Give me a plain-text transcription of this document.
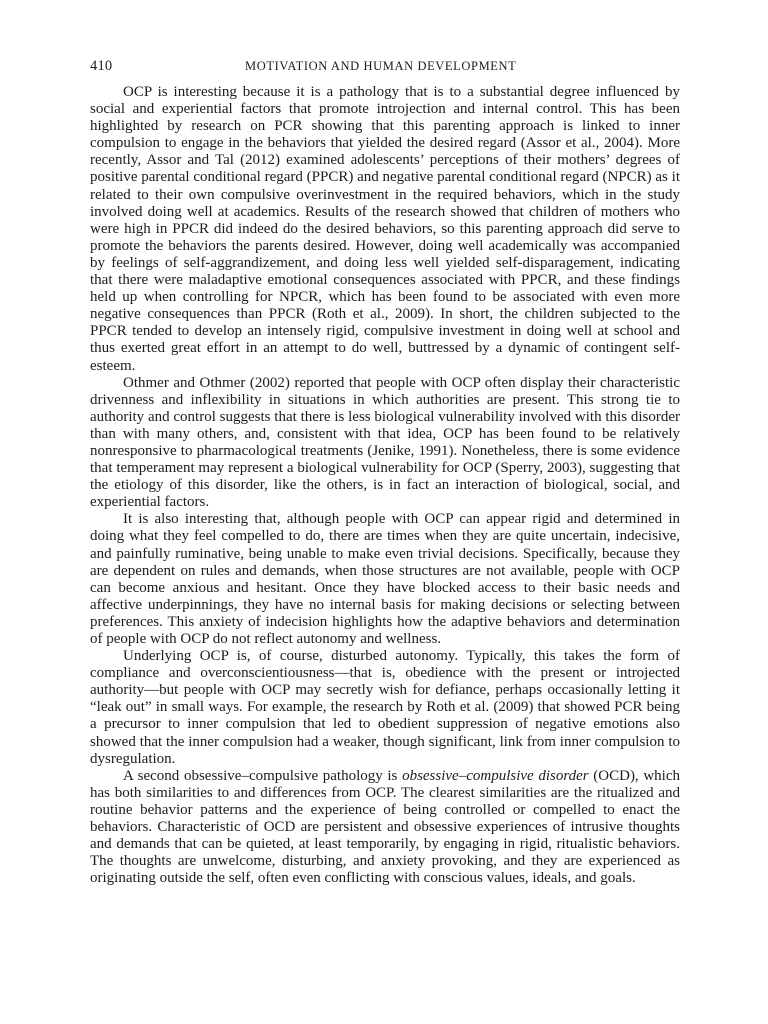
410	MOTIVATION AND HUMAN DEVELOPMENT

OCP is interesting because it is a pathology that is to a substantial degree influenced by social and experiential factors that promote introjection and internal control. This has been highlighted by research on PCR showing that this parenting approach is linked to inner compulsion to engage in the behaviors that yielded the desired regard (Assor et al., 2004). More recently, Assor and Tal (2012) examined adolescents’ perceptions of their mothers’ degrees of positive parental conditional regard (PPCR) and negative parental conditional regard (NPCR) as it related to their own compulsive overinvestment in the required behaviors, which in the study involved doing well at academics. Results of the research showed that children of mothers who were high in PPCR did indeed do the desired behaviors, so this parenting approach did serve to promote the behaviors the parents desired. However, doing well academically was accompanied by feelings of self-aggrandizement, and doing less well yielded self-disparagement, indicating that there were maladaptive emotional consequences associated with PPCR, and these findings held up when controlling for NPCR, which has been found to be associated with even more negative consequences than PPCR (Roth et al., 2009). In short, the children subjected to the PPCR tended to develop an intensely rigid, compulsive investment in doing well at school and thus exerted great effort in an attempt to do well, buttressed by a dynamic of contingent self-esteem.

Othmer and Othmer (2002) reported that people with OCP often display their characteristic drivenness and inflexibility in situations in which authorities are present. This strong tie to authority and control suggests that there is less biological vulnerability involved with this disorder than with many others, and, consistent with that idea, OCP has been found to be relatively nonresponsive to pharmacological treatments (Jenike, 1991). Nonetheless, there is some evidence that temperament may represent a biological vulnerability for OCP (Sperry, 2003), suggesting that the etiology of this disorder, like the others, is in fact an interaction of biological, social, and experiential factors.

It is also interesting that, although people with OCP can appear rigid and determined in doing what they feel compelled to do, there are times when they are quite uncertain, indecisive, and painfully ruminative, being unable to make even trivial decisions. Specifically, because they are dependent on rules and demands, when those structures are not available, people with OCP can become anxious and hesitant. Once they have blocked access to their basic needs and affective underpinnings, they have no internal basis for making decisions or selecting between preferences. This anxiety of indecision highlights how the adaptive behaviors and determination of people with OCP do not reflect autonomy and wellness.

Underlying OCP is, of course, disturbed autonomy. Typically, this takes the form of compliance and overconscientiousness—that is, obedience with the present or introjected authority—but people with OCP may secretly wish for defiance, perhaps occasionally letting it “leak out” in small ways. For example, the research by Roth et al. (2009) that showed PCR being a precursor to inner compulsion that led to obedient suppression of negative emotions also showed that the inner compulsion had a weaker, though significant, link from inner compulsion to dysregulation.

A second obsessive–compulsive pathology is obsessive–compulsive disorder (OCD), which has both similarities to and differences from OCP. The clearest similarities are the ritualized and routine behavior patterns and the experience of being controlled or compelled to enact the behaviors. Characteristic of OCD are persistent and obsessive experiences of intrusive thoughts and demands that can be quieted, at least temporarily, by engaging in rigid, ritualistic behaviors. The thoughts are unwelcome, disturbing, and anxiety provoking, and they are experienced as originating outside the self, often even conflicting with conscious values, ideals, and goals.
